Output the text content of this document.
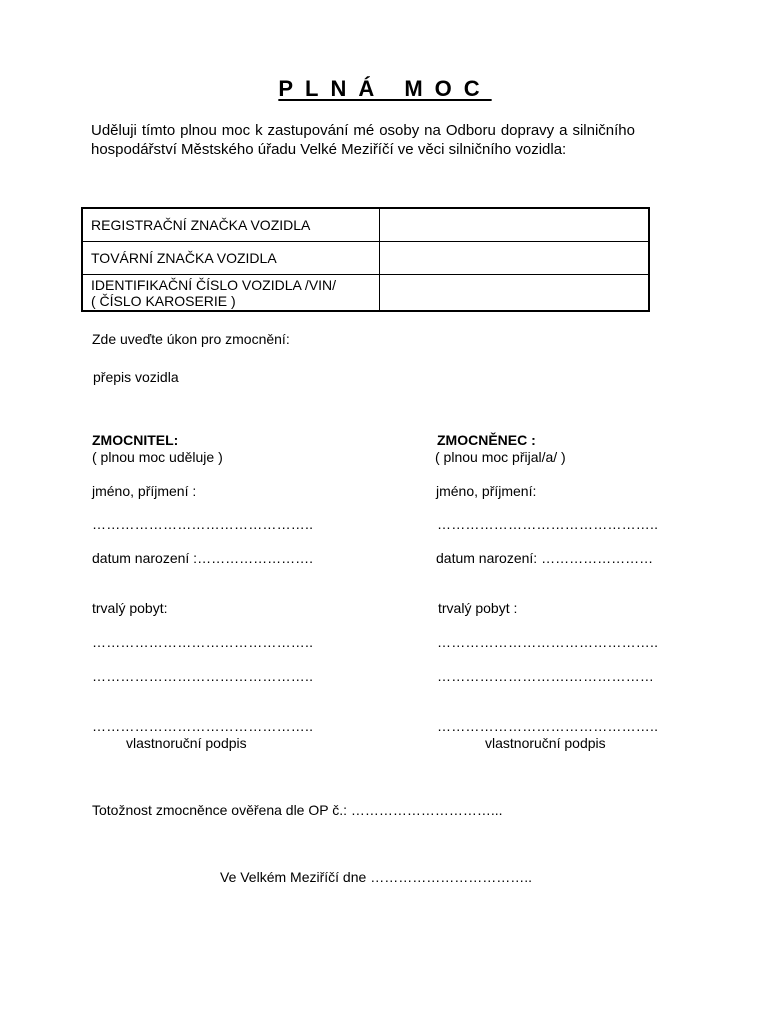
PLNÁ MOC
Uděluji tímto plnou moc k zastupování mé osoby na Odboru dopravy a silničního hospodářství Městského úřadu Velké Meziříčí ve věci silničního vozidla:
REGISTRAČNÍ ZNAČKA VOZIDLA	
TOVÁRNÍ ZNAČKA VOZIDLA	

IDENTIFIKAČNÍ ČÍSLO VOZIDLA /VIN/
( ČÍSLO KAROSERIE )	

Zde uveďte úkon pro zmocnění:
přepis vozidla
ZMOCNITEL:
( plnou moc uděluje )
jméno, příjmení :
………………………………………..
datum narození :…………………….
trvalý pobyt:
………………………………………..
………………………………………..
………………………………………..
vlastnoruční podpis
ZMOCNĚNEC :
( plnou moc přijal/a/ )
jméno, příjmení:
………………………………………..
datum narození: ……………………
trvalý pobyt :
………………………………………..
……………………….………………
………………………………………..
vlastnoruční podpis
Totožnost zmocněnce ověřena dle OP č.: …………………………...
Ve Velkém Meziříčí dne ……………………………..
